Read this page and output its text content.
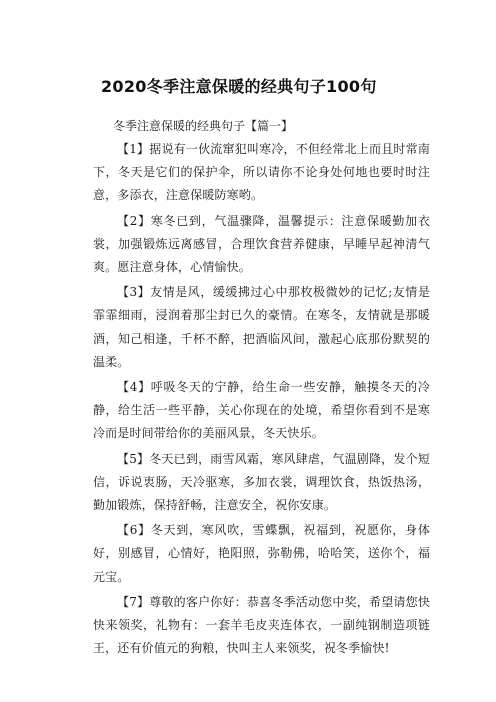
2020冬季注意保暖的经典句子100句
冬季注意保暖的经典句子【篇一】

【1】据说有一伙流窜犯叫寒冷，不但经常北上而且时常南下，冬天是它们的保护伞，所以请你不论身处何地也要时时注意，多添衣，注意保暖防寒哟。

【2】寒冬已到，气温骤降，温馨提示：注意保暖勤加衣裳，加强锻炼远离感冒，合理饮食营养健康，早睡早起神清气爽。愿注意身体，心情愉快。

【3】友情是风，缓缓拂过心中那枚极微妙的记忆;友情是霏霏细雨，浸润着那尘封已久的豪情。在寒冬，友情就是那暖酒，知己相逢，千杯不醉，把酒临风间，激起心底那份默契的温柔。

【4】呼吸冬天的宁静，给生命一些安静，触摸冬天的冷静，给生活一些平静，关心你现在的处境，希望你看到不是寒冷而是时间带给你的美丽风景，冬天快乐。

【5】冬天已到，雨雪风霜，寒风肆虐，气温剧降，发个短信，诉说衷肠，天冷驱寒，多加衣裳，调理饮食，热饭热汤，勤加锻炼，保持舒畅，注意安全，祝你安康。

【6】冬天到，寒风吹，雪蝶飘，祝福到，祝愿你，身体好，别感冒，心情好，艳阳照，弥勒佛，哈哈笑，送你个，福元宝。

【7】尊敬的客户你好：恭喜冬季活动您中奖，希望请您快快来领奖，礼物有：一套羊毛皮夹连体衣，一副纯钢制造项链王，还有价值元的狗粮，快叫主人来领奖，祝冬季愉快!
